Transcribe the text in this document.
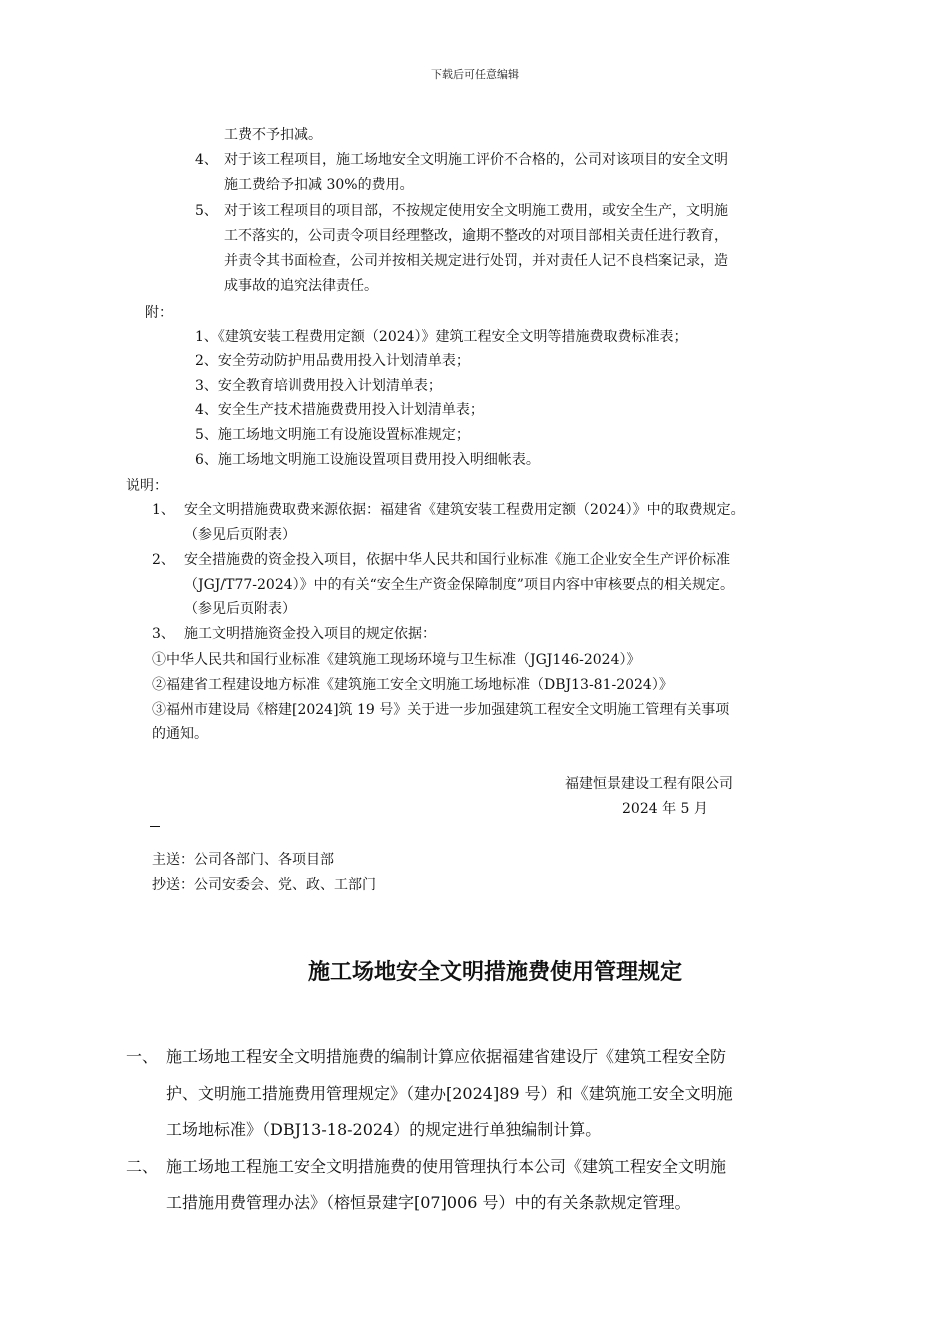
下载后可任意编辑
工费不予扣减。
4、 对于该工程项目，施工场地安全文明施工评价不合格的，公司对该项目的安全文明
施工费给予扣减 30%的费用。
5、 对于该工程项目的项目部，不按规定使用安全文明施工费用，或安全生产，文明施
工不落实的，公司责令项目经理整改，逾期不整改的对项目部相关责任进行教育，
并责令其书面检查，公司并按相关规定进行处罚，并对责任人记不良档案记录，造
成事故的追究法律责任。
附：
1、《建筑安装工程费用定额（2024）》建筑工程安全文明等措施费取费标准表；
2、安全劳动防护用品费用投入计划清单表；
3、安全教育培训费用投入计划清单表；
4、安全生产技术措施费费用投入计划清单表；
5、施工场地文明施工有设施设置标准规定；
6、施工场地文明施工设施设置项目费用投入明细帐表。
说明：
1、 安全文明措施费取费来源依据：福建省《建筑安装工程费用定额（2024）》中的取费规定。
（参见后页附表）
2、 安全措施费的资金投入项目，依据中华人民共和国行业标准《施工企业安全生产评价标准
（JGJ/T77-2024）》中的有关“安全生产资金保障制度”项目内容中审核要点的相关规定。
（参见后页附表）
3、 施工文明措施资金投入项目的规定依据：
①中华人民共和国行业标准《建筑施工现场环境与卫生标准（JGJ146-2024）》
②福建省工程建设地方标准《建筑施工安全文明施工场地标准（DBJ13-81-2024）》
③福州市建设局《榕建[2024]筑 19 号》关于进一步加强建筑工程安全文明施工管理有关事项
的通知。
福建恒景建设工程有限公司
2024 年 5 月
主送：公司各部门、各项目部
抄送：公司安委会、党、政、工部门
施工场地安全文明措施费使用管理规定
一、 施工场地工程安全文明措施费的编制计算应依据福建省建设厅《建筑工程安全防
护、文明施工措施费用管理规定》（建办[2024]89 号）和《建筑施工安全文明施
工场地标准》（DBJ13-18-2024）的规定进行单独编制计算。
二、 施工场地工程施工安全文明措施费的使用管理执行本公司《建筑工程安全文明施
工措施用费管理办法》（榕恒景建字[07]006 号）中的有关条款规定管理。
